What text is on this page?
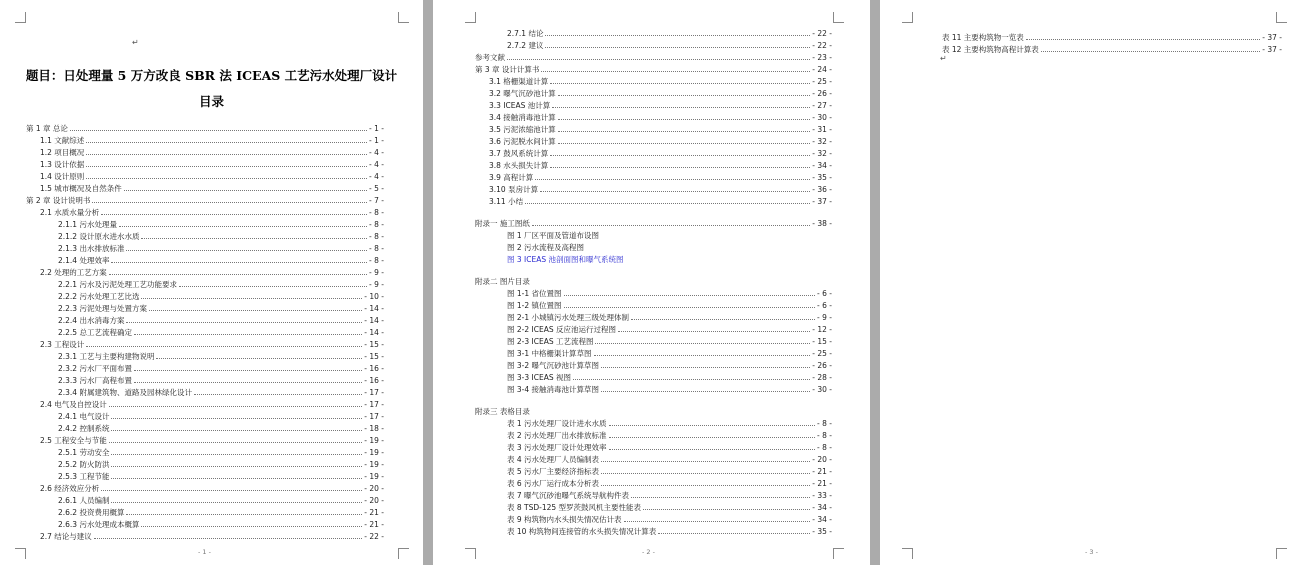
↵
题目：日处理量 5 万方改良 SBR 法 ICEAS 工艺污水处理厂设计
目录
第 1 章 总论	- 1 -
1.1 文献综述	- 1 -
1.2 项目概况	- 4 -
1.3 设计依据	- 4 -
1.4 设计原则	- 4 -
1.5 城市概况及自然条件	- 5 -
第 2 章 设计说明书	- 7 -
2.1 水质水量分析	- 8 -
2.1.1 污水处理量	- 8 -
2.1.2 设计原水进水水质	- 8 -
2.1.3 出水排放标准	- 8 -
2.1.4 处理效率	- 8 -
2.2 处理的工艺方案	- 9 -
2.2.1 污水及污泥处理工艺功能要求	- 9 -
2.2.2 污水处理工艺比选	- 10 -
2.2.3 污泥处理与处置方案	- 14 -
2.2.4 出水消毒方案	- 14 -
2.2.5 总工艺流程确定	- 14 -
2.3 工程设计	- 15 -
2.3.1 工艺与主要构建物说明	- 15 -
2.3.2 污水厂平面布置	- 16 -
2.3.3 污水厂高程布置	- 16 -
2.3.4 附属建筑物、道路及园林绿化设计	- 17 -
2.4 电气及自控设计	- 17 -
2.4.1 电气设计	- 17 -
2.4.2 控制系统	- 18 -
2.5 工程安全与节能	- 19 -
2.5.1 劳动安全	- 19 -
2.5.2 防火防洪	- 19 -
2.5.3 工程节能	- 19 -
2.6 经济效应分析	- 20 -
2.6.1 人员编制	- 20 -
2.6.2 投资费用概算	- 21 -
2.6.3 污水处理成本概算	- 21 -
2.7 结论与建议	- 22 -
- 1 -
2.7.1 结论	- 22 -
2.7.2 建议	- 22 -
参考文献	- 23 -
第 3 章 设计计算书	- 24 -
3.1 格栅渠道计算	- 25 -
3.2 曝气沉砂池计算	- 26 -
3.3 ICEAS 池计算	- 27 -
3.4 接触消毒池计算	- 30 -
3.5 污泥浓缩池计算	- 31 -
3.6 污泥脱水间计算	- 32 -
3.7 鼓风系统计算	- 32 -
3.8 水头损失计算	- 34 -
3.9 高程计算	- 35 -
3.10 泵房计算	- 36 -
3.11 小结	- 37 -
附录一 施工图纸	- 38 -
图 1 厂区平面及管道布设图
图 2 污水流程及高程图
图 3 ICEAS 池剖面图和曝气系统图
附录二 图片目录
图 1-1 省位置图	- 6 -
图 1-2 镇位置图	- 6 -
图 2-1 小城镇污水处理三级处理体制	- 9 -
图 2-2 ICEAS 反应池运行过程图	- 12 -
图 2-3 ICEAS 工艺流程图	- 15 -
图 3-1 中格栅渠计算草图	- 25 -
图 3-2 曝气沉砂池计算草图	- 26 -
图 3-3 ICEAS 视图	- 28 -
图 3-4 接触消毒池计算草图	- 30 -
附录三 表格目录
表 1 污水处理厂设计进水水质	- 8 -
表 2 污水处理厂出水排放标准	- 8 -
表 3 污水处理厂设计处理效率	- 8 -
表 4 污水处理厂人员编制表	- 20 -
表 5 污水厂主要经济指标表	- 21 -
表 6 污水厂运行成本分析表	- 21 -
表 7 曝气沉砂池曝气系统导航构件表	- 33 -
表 8 TSD-125 型罗茨鼓风机主要性能表	- 34 -
表 9 构筑物内水头损失情况估计表	- 34 -
表 10 构筑物间连接管的水头损失情况计算表	- 35 -
- 2 -
表 11 主要构筑物一览表	- 37 -
表 12 主要构筑物高程计算表	- 37 -
↵
- 3 -
